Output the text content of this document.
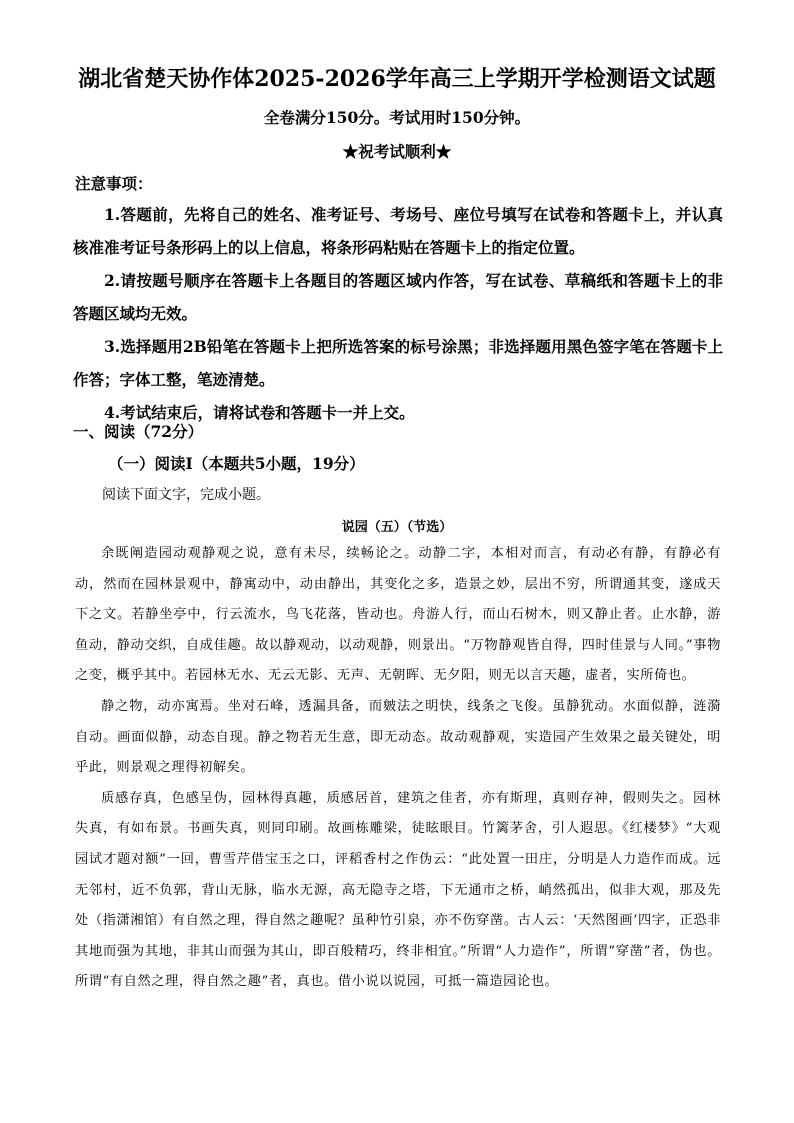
湖北省楚天协作体2025-2026学年高三上学期开学检测语文试题
全卷满分150分。考试用时150分钟。
★祝考试顺利★
注意事项：

1.答题前，先将自己的姓名、准考证号、考场号、座位号填写在试卷和答题卡上，并认真核准准考证号条形码上的以上信息，将条形码粘贴在答题卡上的指定位置。

2.请按题号顺序在答题卡上各题目的答题区域内作答，写在试卷、草稿纸和答题卡上的非答题区域均无效。

3.选择题用2B铅笔在答题卡上把所选答案的标号涂黑；非选择题用黑色签字笔在答题卡上作答；字体工整，笔迹清楚。

4.考试结束后，请将试卷和答题卡一并上交。

一、阅读（72分）
（一）阅读Ⅰ（本题共5小题，19分）
阅读下面文字，完成小题。
说园（五）（节选）

余既阐造园动观静观之说，意有未尽，续畅论之。动静二字，本相对而言，有动必有静，有静必有动，然而在园林景观中，静寓动中，动由静出，其变化之多，造景之妙，层出不穷，所谓通其变，遂成天下之文。若静坐亭中，行云流水，鸟飞花落，皆动也。舟游人行，而山石树木，则又静止者。止水静，游鱼动，静动交织，自成佳趣。故以静观动，以动观静，则景出。“万物静观皆自得，四时佳景与人同。”事物之变，概乎其中。若园林无水、无云无影、无声、无朝晖、无夕阳，则无以言天趣，虚者，实所倚也。

静之物，动亦寓焉。坐对石峰，透漏具备，而皴法之明快，线条之飞俊。虽静犹动。水面似静，涟漪自动。画面似静，动态自现。静之物若无生意，即无动态。故动观静观，实造园产生效果之最关键处，明乎此，则景观之理得初解矣。

质感存真，色感呈伪，园林得真趣，质感居首，建筑之佳者，亦有斯理，真则存神，假则失之。园林失真，有如布景。书画失真，则同印刷。故画栋雕梁，徒眩眼目。竹篱茅舍，引人遐思。《红楼梦》“大观园试才题对额”一回，曹雪芹借宝玉之口，评稻香村之作伪云：“此处置一田庄，分明是人力造作而成。远无邻村，近不负郭，背山无脉，临水无源，高无隐寺之塔，下无通市之桥，峭然孤出，似非大观，那及先处（指潇湘馆）有自然之理，得自然之趣呢？虽种竹引泉，亦不伤穿凿。古人云：‘天然图画’四字，正恐非其地而强为其地，非其山而强为其山，即百般精巧，终非相宜。”所谓“人力造作”，所谓“穿凿”者，伪也。所谓“有自然之理，得自然之趣”者，真也。借小说以说园，可抵一篇造园论也。
